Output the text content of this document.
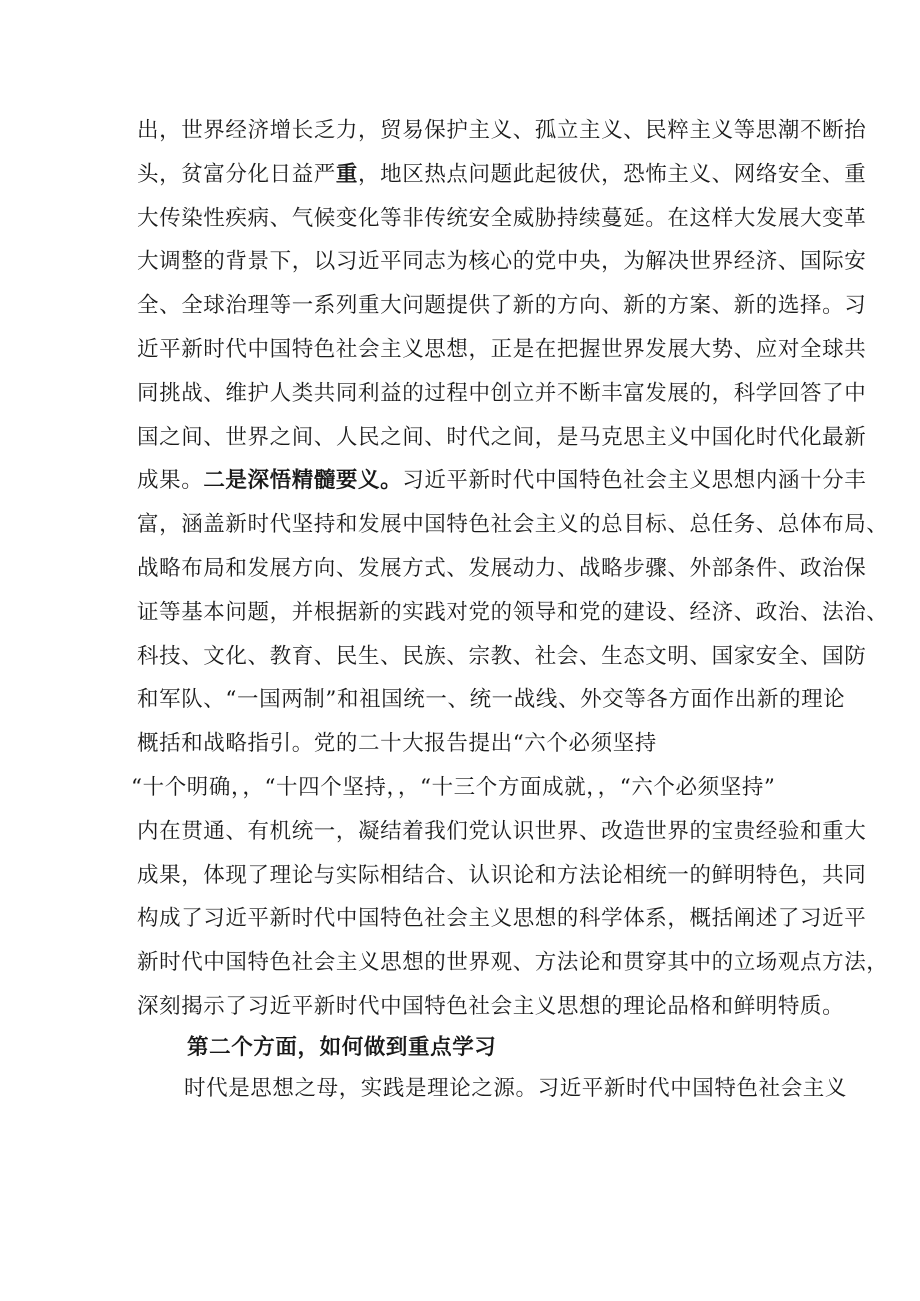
出，世界经济增长乏力，贸易保护主义、孤立主义、民粹主义等思潮不断抬
头，贫富分化日益严重，地区热点问题此起彼伏，恐怖主义、网络安全、重
大传染性疾病、气候变化等非传统安全威胁持续蔓延。在这样大发展大变革
大调整的背景下，以习近平同志为核心的党中央，为解决世界经济、国际安
全、全球治理等一系列重大问题提供了新的方向、新的方案、新的选择。习
近平新时代中国特色社会主义思想，正是在把握世界发展大势、应对全球共
同挑战、维护人类共同利益的过程中创立并不断丰富发展的，科学回答了中
国之间、世界之间、人民之间、时代之间，是马克思主义中国化时代化最新
成果。二是深悟精髓要义。习近平新时代中国特色社会主义思想内涵十分丰
富，涵盖新时代坚持和发展中国特色社会主义的总目标、总任务、总体布局、
战略布局和发展方向、发展方式、发展动力、战略步骤、外部条件、政治保
证等基本问题，并根据新的实践对党的领导和党的建设、经济、政治、法治、
科技、文化、教育、民生、民族、宗教、社会、生态文明、国家安全、国防
和军队、“一国两制”和祖国统一、统一战线、外交等各方面作出新的理论
概括和战略指引。党的二十大报告提出“六个必须坚持
“十个明确，，“十四个坚持，，“十三个方面成就，，“六个必须坚持”
内在贯通、有机统一，凝结着我们党认识世界、改造世界的宝贵经验和重大
成果，体现了理论与实际相结合、认识论和方法论相统一的鲜明特色，共同
构成了习近平新时代中国特色社会主义思想的科学体系，概括阐述了习近平
新时代中国特色社会主义思想的世界观、方法论和贯穿其中的立场观点方法，
深刻揭示了习近平新时代中国特色社会主义思想的理论品格和鲜明特质。
第二个方面，如何做到重点学习
时代是思想之母，实践是理论之源。习近平新时代中国特色社会主义
